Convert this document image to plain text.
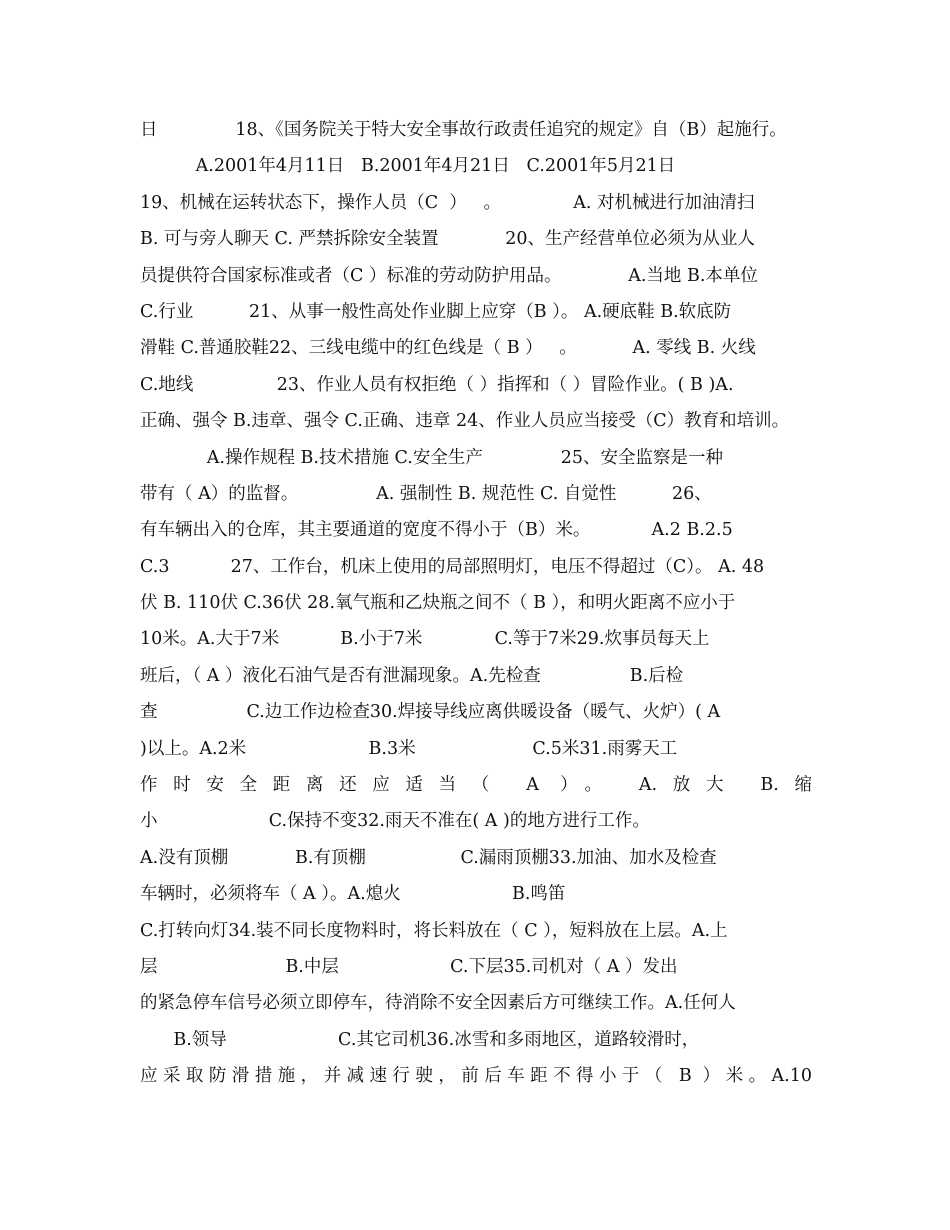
日              18、《国务院关于特大安全事故行政责任追究的规定》自（B）起施行。
A.2001年4月11日   B.2001年4月21日   C.2001年5月21日
19、机械在运转状态下，操作人员（C  ）   。             A. 对机械进行加油清扫
B. 可与旁人聊天 C. 严禁拆除安全装置            20、生产经营单位必须为从业人
员提供符合国家标准或者（C ）标准的劳动防护用品。            A.当地 B.本单位
C.行业          21、从事一般性高处作业脚上应穿（B ）。 A.硬底鞋 B.软底防
滑鞋 C.普通胶鞋22、三线电缆中的红色线是（ B ）   。          A. 零线 B. 火线
C.地线               23、作业人员有权拒绝（ ）指挥和（ ）冒险作业。( B )A.
正确、强令 B.违章、强令 C.正确、违章 24、作业人员应当接受（C）教育和培训。
A.操作规程 B.技术措施 C.安全生产              25、安全监察是一种
带有（ A）的监督。              A. 强制性 B. 规范性 C. 自觉性          26、
有车辆出入的仓库，其主要通道的宽度不得小于（B）米。           A.2 B.2.5
C.3           27、工作台，机床上使用的局部照明灯，电压不得超过（C）。 A. 48
伏 B. 110伏 C.36伏 28.氧气瓶和乙炔瓶之间不（ B ），和明火距离不应小于
10米。A.大于7米           B.小于7米             C.等于7米29.炊事员每天上
班后，（ A ）液化石油气是否有泄漏现象。A.先检查                B.后检
查                C.边工作边检查30.焊接导线应离供暖设备（暖气、火炉）( A
)以上。A.2米                      B.3米                     C.5米31.雨雾天工
作时安全距离还应适当（ A ）。 A.放大 B.缩
小                    C.保持不变32.雨天不准在( A )的地方进行工作。
A.没有顶棚            B.有顶棚                 C.漏雨顶棚33.加油、加水及检查
车辆时，必须将车（ A ）。A.熄火                    B.鸣笛
C.打转向灯34.装不同长度物料时，将长料放在（ C ），短料放在上层。A.上
层                       B.中层                    C.下层35.司机对（ A ）发出
的紧急停车信号必须立即停车，待消除不安全因素后方可继续工作。A.任何人
B.领导                    C.其它司机36.冰雪和多雨地区，道路较滑时，
应采取防滑措施，并减速行驶，前后车距不得小于（ B ）米。A.10
